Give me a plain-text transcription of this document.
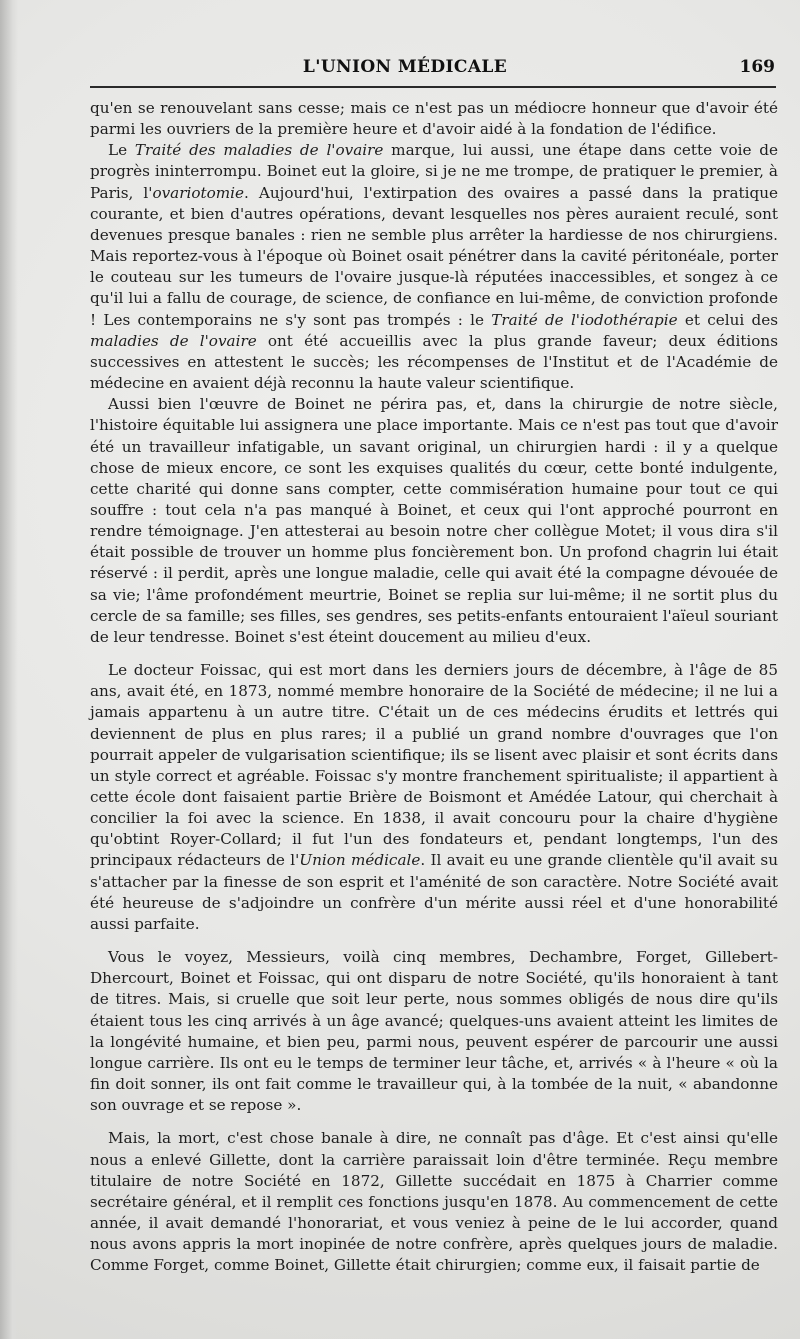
L'UNION MÉDICALE	169

qu'en se renouvelant sans cesse; mais ce n'est pas un médiocre honneur que d'avoir été parmi les ouvriers de la première heure et d'avoir aidé à la fondation de l'édifice.

Le Traité des maladies de l'ovaire marque, lui aussi, une étape dans cette voie de progrès ininterrompu. Boinet eut la gloire, si je ne me trompe, de pratiquer le premier, à Paris, l'ovariotomie. Aujourd'hui, l'extirpation des ovaires a passé dans la pratique courante, et bien d'autres opérations, devant lesquelles nos pères auraient reculé, sont devenues presque banales : rien ne semble plus arrêter la hardiesse de nos chirurgiens. Mais reportez-vous à l'époque où Boinet osait pénétrer dans la cavité péritonéale, porter le couteau sur les tumeurs de l'ovaire jusque-là réputées inaccessibles, et songez à ce qu'il lui a fallu de courage, de science, de confiance en lui-même, de conviction profonde ! Les contemporains ne s'y sont pas trompés : le Traité de l'iodothérapie et celui des maladies de l'ovaire ont été accueillis avec la plus grande faveur; deux éditions successives en attestent le succès; les récompenses de l'Institut et de l'Académie de médecine en avaient déjà reconnu la haute valeur scientifique.

Aussi bien l'œuvre de Boinet ne périra pas, et, dans la chirurgie de notre siècle, l'histoire équitable lui assignera une place importante. Mais ce n'est pas tout que d'avoir été un travailleur infatigable, un savant original, un chirurgien hardi : il y a quelque chose de mieux encore, ce sont les exquises qualités du cœur, cette bonté indulgente, cette charité qui donne sans compter, cette commisération humaine pour tout ce qui souffre : tout cela n'a pas manqué à Boinet, et ceux qui l'ont approché pourront en rendre témoignage. J'en attesterai au besoin notre cher collègue Motet; il vous dira s'il était possible de trouver un homme plus foncièrement bon. Un profond chagrin lui était réservé : il perdit, après une longue maladie, celle qui avait été la compagne dévouée de sa vie; l'âme profondément meurtrie, Boinet se replia sur lui-même; il ne sortit plus du cercle de sa famille; ses filles, ses gendres, ses petits-enfants entouraient l'aïeul souriant de leur tendresse. Boinet s'est éteint doucement au milieu d'eux.

Le docteur Foissac, qui est mort dans les derniers jours de décembre, à l'âge de 85 ans, avait été, en 1873, nommé membre honoraire de la Société de médecine; il ne lui a jamais appartenu à un autre titre. C'était un de ces médecins érudits et lettrés qui deviennent de plus en plus rares; il a publié un grand nombre d'ouvrages que l'on pourrait appeler de vulgarisation scientifique; ils se lisent avec plaisir et sont écrits dans un style correct et agréable. Foissac s'y montre franchement spiritualiste; il appartient à cette école dont faisaient partie Brière de Boismont et Amédée Latour, qui cherchait à concilier la foi avec la science. En 1838, il avait concouru pour la chaire d'hygiène qu'obtint Royer-Collard; il fut l'un des fondateurs et, pendant longtemps, l'un des principaux rédacteurs de l'Union médicale. Il avait eu une grande clientèle qu'il avait su s'attacher par la finesse de son esprit et l'aménité de son caractère. Notre Société avait été heureuse de s'adjoindre un confrère d'un mérite aussi réel et d'une honorabilité aussi parfaite.

Vous le voyez, Messieurs, voilà cinq membres, Dechambre, Forget, Gillebert-Dhercourt, Boinet et Foissac, qui ont disparu de notre Société, qu'ils honoraient à tant de titres. Mais, si cruelle que soit leur perte, nous sommes obligés de nous dire qu'ils étaient tous les cinq arrivés à un âge avancé; quelques-uns avaient atteint les limites de la longévité humaine, et bien peu, parmi nous, peuvent espérer de parcourir une aussi longue carrière. Ils ont eu le temps de terminer leur tâche, et, arrivés « à l'heure « où la fin doit sonner, ils ont fait comme le travailleur qui, à la tombée de la nuit, « abandonne son ouvrage et se repose ».

Mais, la mort, c'est chose banale à dire, ne connaît pas d'âge. Et c'est ainsi qu'elle nous a enlevé Gillette, dont la carrière paraissait loin d'être terminée. Reçu membre titulaire de notre Société en 1872, Gillette succédait en 1875 à Charrier comme secrétaire général, et il remplit ces fonctions jusqu'en 1878. Au commencement de cette année, il avait demandé l'honorariat, et vous veniez à peine de le lui accorder, quand nous avons appris la mort inopinée de notre confrère, après quelques jours de maladie. Comme Forget, comme Boinet, Gillette était chirurgien; comme eux, il faisait partie de
